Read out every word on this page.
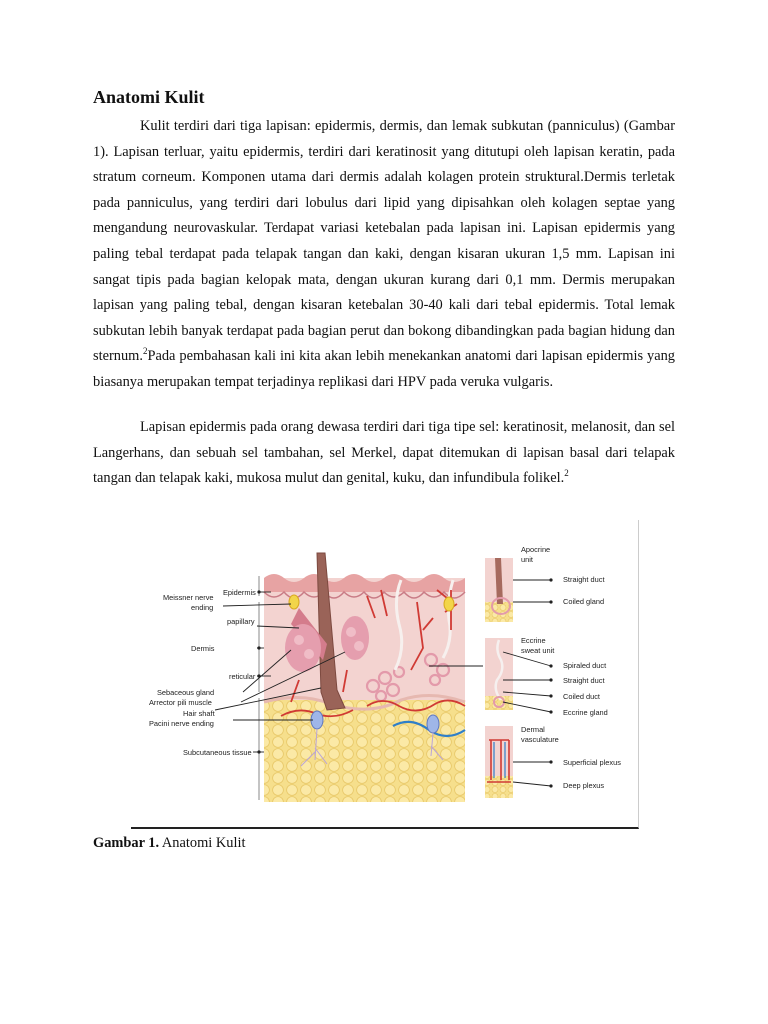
Anatomi Kulit

Kulit terdiri dari tiga lapisan: epidermis, dermis, dan lemak subkutan (panniculus) (Gambar 1). Lapisan terluar, yaitu epidermis, terdiri dari keratinosit yang ditutupi oleh lapisan keratin, pada stratum corneum. Komponen utama dari dermis adalah kolagen protein struktural.Dermis terletak pada panniculus, yang terdiri dari lobulus dari lipid yang dipisahkan oleh kolagen septae yang mengandung neurovaskular. Terdapat variasi ketebalan pada lapisan ini. Lapisan epidermis yang paling tebal terdapat pada telapak tangan dan kaki, dengan kisaran ukuran 1,5 mm. Lapisan ini sangat tipis pada bagian kelopak mata, dengan ukuran kurang dari 0,1 mm. Dermis merupakan lapisan yang paling tebal, dengan kisaran ketebalan 30-40 kali dari tebal epidermis. Total lemak subkutan lebih banyak terdapat pada bagian perut dan bokong dibandingkan pada bagian hidung dan sternum.$^2$Pada pembahasan kali ini kita akan lebih menekankan anatomi dari lapisan epidermis yang biasanya merupakan tempat terjadinya replikasi dari HPV pada veruka vulgaris.

Lapisan epidermis pada orang dewasa terdiri dari tiga tipe sel: keratinosit, melanosit, dan sel Langerhans, dan sebuah sel tambahan, sel Merkel, dapat ditemukan di lapisan basal dari telapak tangan dan telapak kaki, mukosa mulut dan genital, kuku, dan infundibula folikel.$^2$

Epidermis
Meissner nerve
ending
papillary
Dermis
reticular
Sebaceous gland
Arrector pili muscle
Hair shaft
Pacini nerve ending
Subcutaneous tissue
Apocrine
unit
Straight duct
Coiled gland
Eccrine
sweat unit
Spiraled duct
Straight duct
Coiled duct
Eccrine gland
Dermal
vasculature
Superficial plexus
Deep plexus

Gambar 1. Anatomi Kulit
